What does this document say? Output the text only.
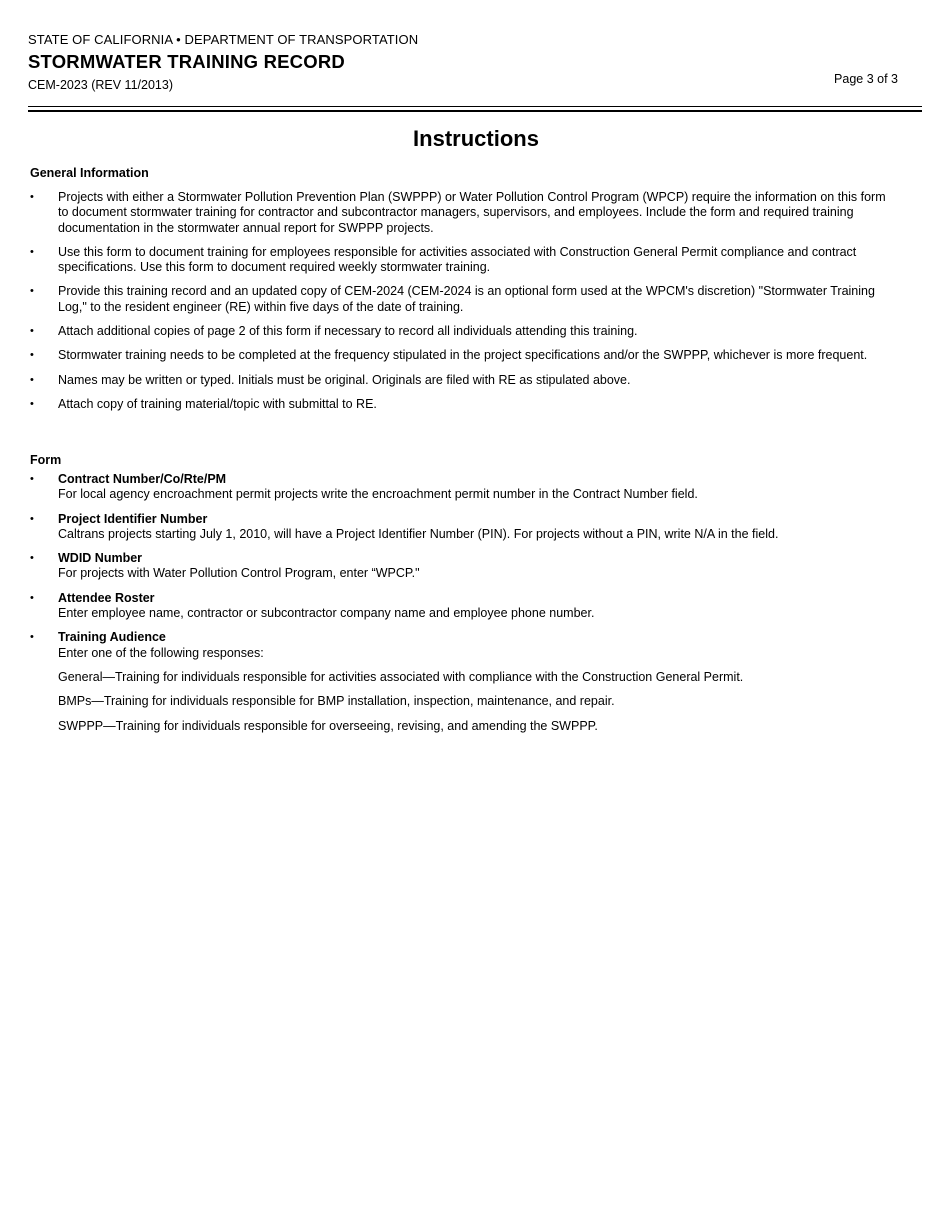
STATE OF CALIFORNIA • DEPARTMENT OF TRANSPORTATION
STORMWATER TRAINING RECORD
CEM-2023 (REV 11/2013)	Page 3 of 3
Instructions
General Information
• Projects with either a Stormwater Pollution Prevention Plan (SWPPP) or Water Pollution Control Program (WPCP) require the information on this form to document stormwater training for contractor and subcontractor managers, supervisors, and employees. Include the form and required training documentation in the stormwater annual report for SWPPP projects.
• Use this form to document training for employees responsible for activities associated with Construction General Permit compliance and contract specifications. Use this form to document required weekly stormwater training.
• Provide this training record and an updated copy of CEM-2024 (CEM-2024 is an optional form used at the WPCM's discretion) "Stormwater Training Log," to the resident engineer (RE) within five days of the date of training.
• Attach additional copies of page 2 of this form if necessary to record all individuals attending this training.
• Stormwater training needs to be completed at the frequency stipulated in the project specifications and/or the SWPPP, whichever is more frequent.
• Names may be written or typed. Initials must be original. Originals are filed with RE as stipulated above.
• Attach copy of training material/topic with submittal to RE.
Form
• Contract Number/Co/Rte/PM
For local agency encroachment permit projects write the encroachment permit number in the Contract Number field.
• Project Identifier Number
Caltrans projects starting July 1, 2010, will have a Project Identifier Number (PIN). For projects without a PIN, write N/A in the field.
• WDID Number
For projects with Water Pollution Control Program, enter “WPCP."
• Attendee Roster
Enter employee name, contractor or subcontractor company name and employee phone number.
• Training Audience
Enter one of the following responses:
General—Training for individuals responsible for activities associated with compliance with the Construction General Permit.
BMPs—Training for individuals responsible for BMP installation, inspection, maintenance, and repair.
SWPPP—Training for individuals responsible for overseeing, revising, and amending the SWPPP.
